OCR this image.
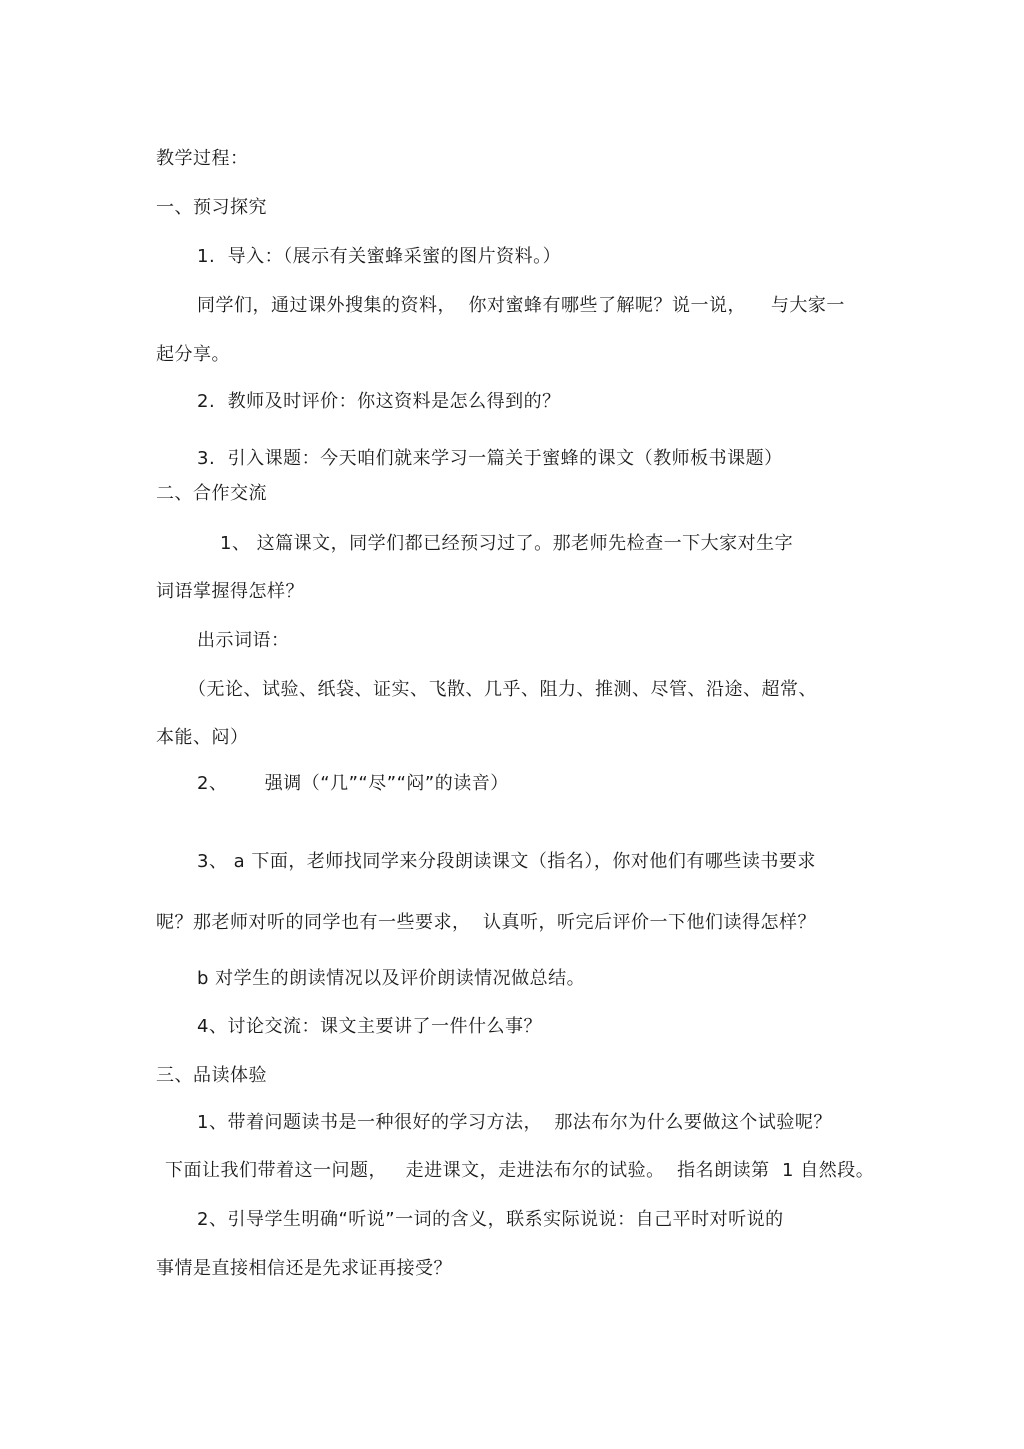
教学过程：
一、预习探究
1.  导入：（展示有关蜜蜂采蜜的图片资料。）
同学们，通过课外搜集的资料，  你对蜜蜂有哪些了解呢？说一说，    与大家一
起分享。
2.  教师及时评价：你这资料是怎么得到的？
3.  引入课题：今天咱们就来学习一篇关于蜜蜂的课文（教师板书课题）
二、合作交流
1、 这篇课文，同学们都已经预习过了。那老师先检查一下大家对生字
词语掌握得怎样？
出示词语：
（无论、试验、纸袋、证实、飞散、几乎、阻力、推测、尽管、沿途、超常、
本能、闷）
2、      强调（“几”“尽”“闷”的读音）
3、 a 下面，老师找同学来分段朗读课文（指名），你对他们有哪些读书要求
呢？那老师对听的同学也有一些要求，  认真听，听完后评价一下他们读得怎样？
b 对学生的朗读情况以及评价朗读情况做总结。
4、讨论交流：课文主要讲了一件什么事？
三、品读体验
1、带着问题读书是一种很好的学习方法，  那法布尔为什么要做这个试验呢？
下面让我们带着这一问题，   走进课文，走进法布尔的试验。  指名朗读第  1 自然段。
2、引导学生明确“听说”一词的含义，联系实际说说：自己平时对听说的
事情是直接相信还是先求证再接受？
